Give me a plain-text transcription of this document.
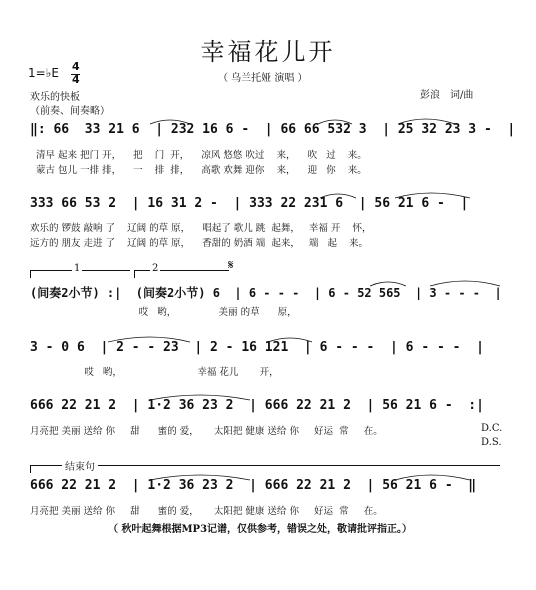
幸福花儿开
（ 乌兰托娅 演唱 ）
彭浪　词/曲
1=♭E 4
4
欢乐的快板
（前奏、间奏略）
‖: 66  33 21 6  | 232 16 6 -  | 66 66 532 3  | 25 32 23 3 -  |
清早 起来 把门 开，    把    门  开，    凉风 悠悠 吹过    来，    吹   过    来。
蒙古 包儿 一排 排，    一    排  排，    高歌 欢舞 迎你    来，    迎   你    来。
333 66 53 2  | 16 31 2 -  | 333 22 231 6  | 56 21 6 -  |
欢乐的 锣鼓 敲响 了    辽阔 的草 原，    唱起了 歌儿 跳  起舞，   幸福 开    怀，
远方的 朋友 走进 了    辽阔 的草 原，    香甜的 奶酒 端  起来，   端   起    来。
1	2	𝄋
(间奏2小节) :|  (间奏2小节) 6  | 6 - - -  | 6 - 52 565  | 3 - - -  |
哎   哟，              美丽 的草      原，
3 - 0 6  | 2 - - 23  | 2 - 16 121  | 6 - - -  | 6 - - -  |
哎   哟，                         幸福 花儿       开，
666 22 21 2  | 1·2 36 23 2  | 666 22 21 2  | 56 21 6 -  :|
月亮把 美丽 送给 你     甜      蜜的 爱，     太阳把 健康 送给 你     好运  常     在。	D.C.
D.S.
结束句
666 22 21 2  | 1·2 36 23 2  | 666 22 21 2  | 56 21 6 -  ‖
月亮把 美丽 送给 你     甜      蜜的 爱，     太阳把 健康 送给 你     好运  常     在。
（ 秋叶起舞根据MP3记谱，仅供参考，错误之处，敬请批评指正。）
